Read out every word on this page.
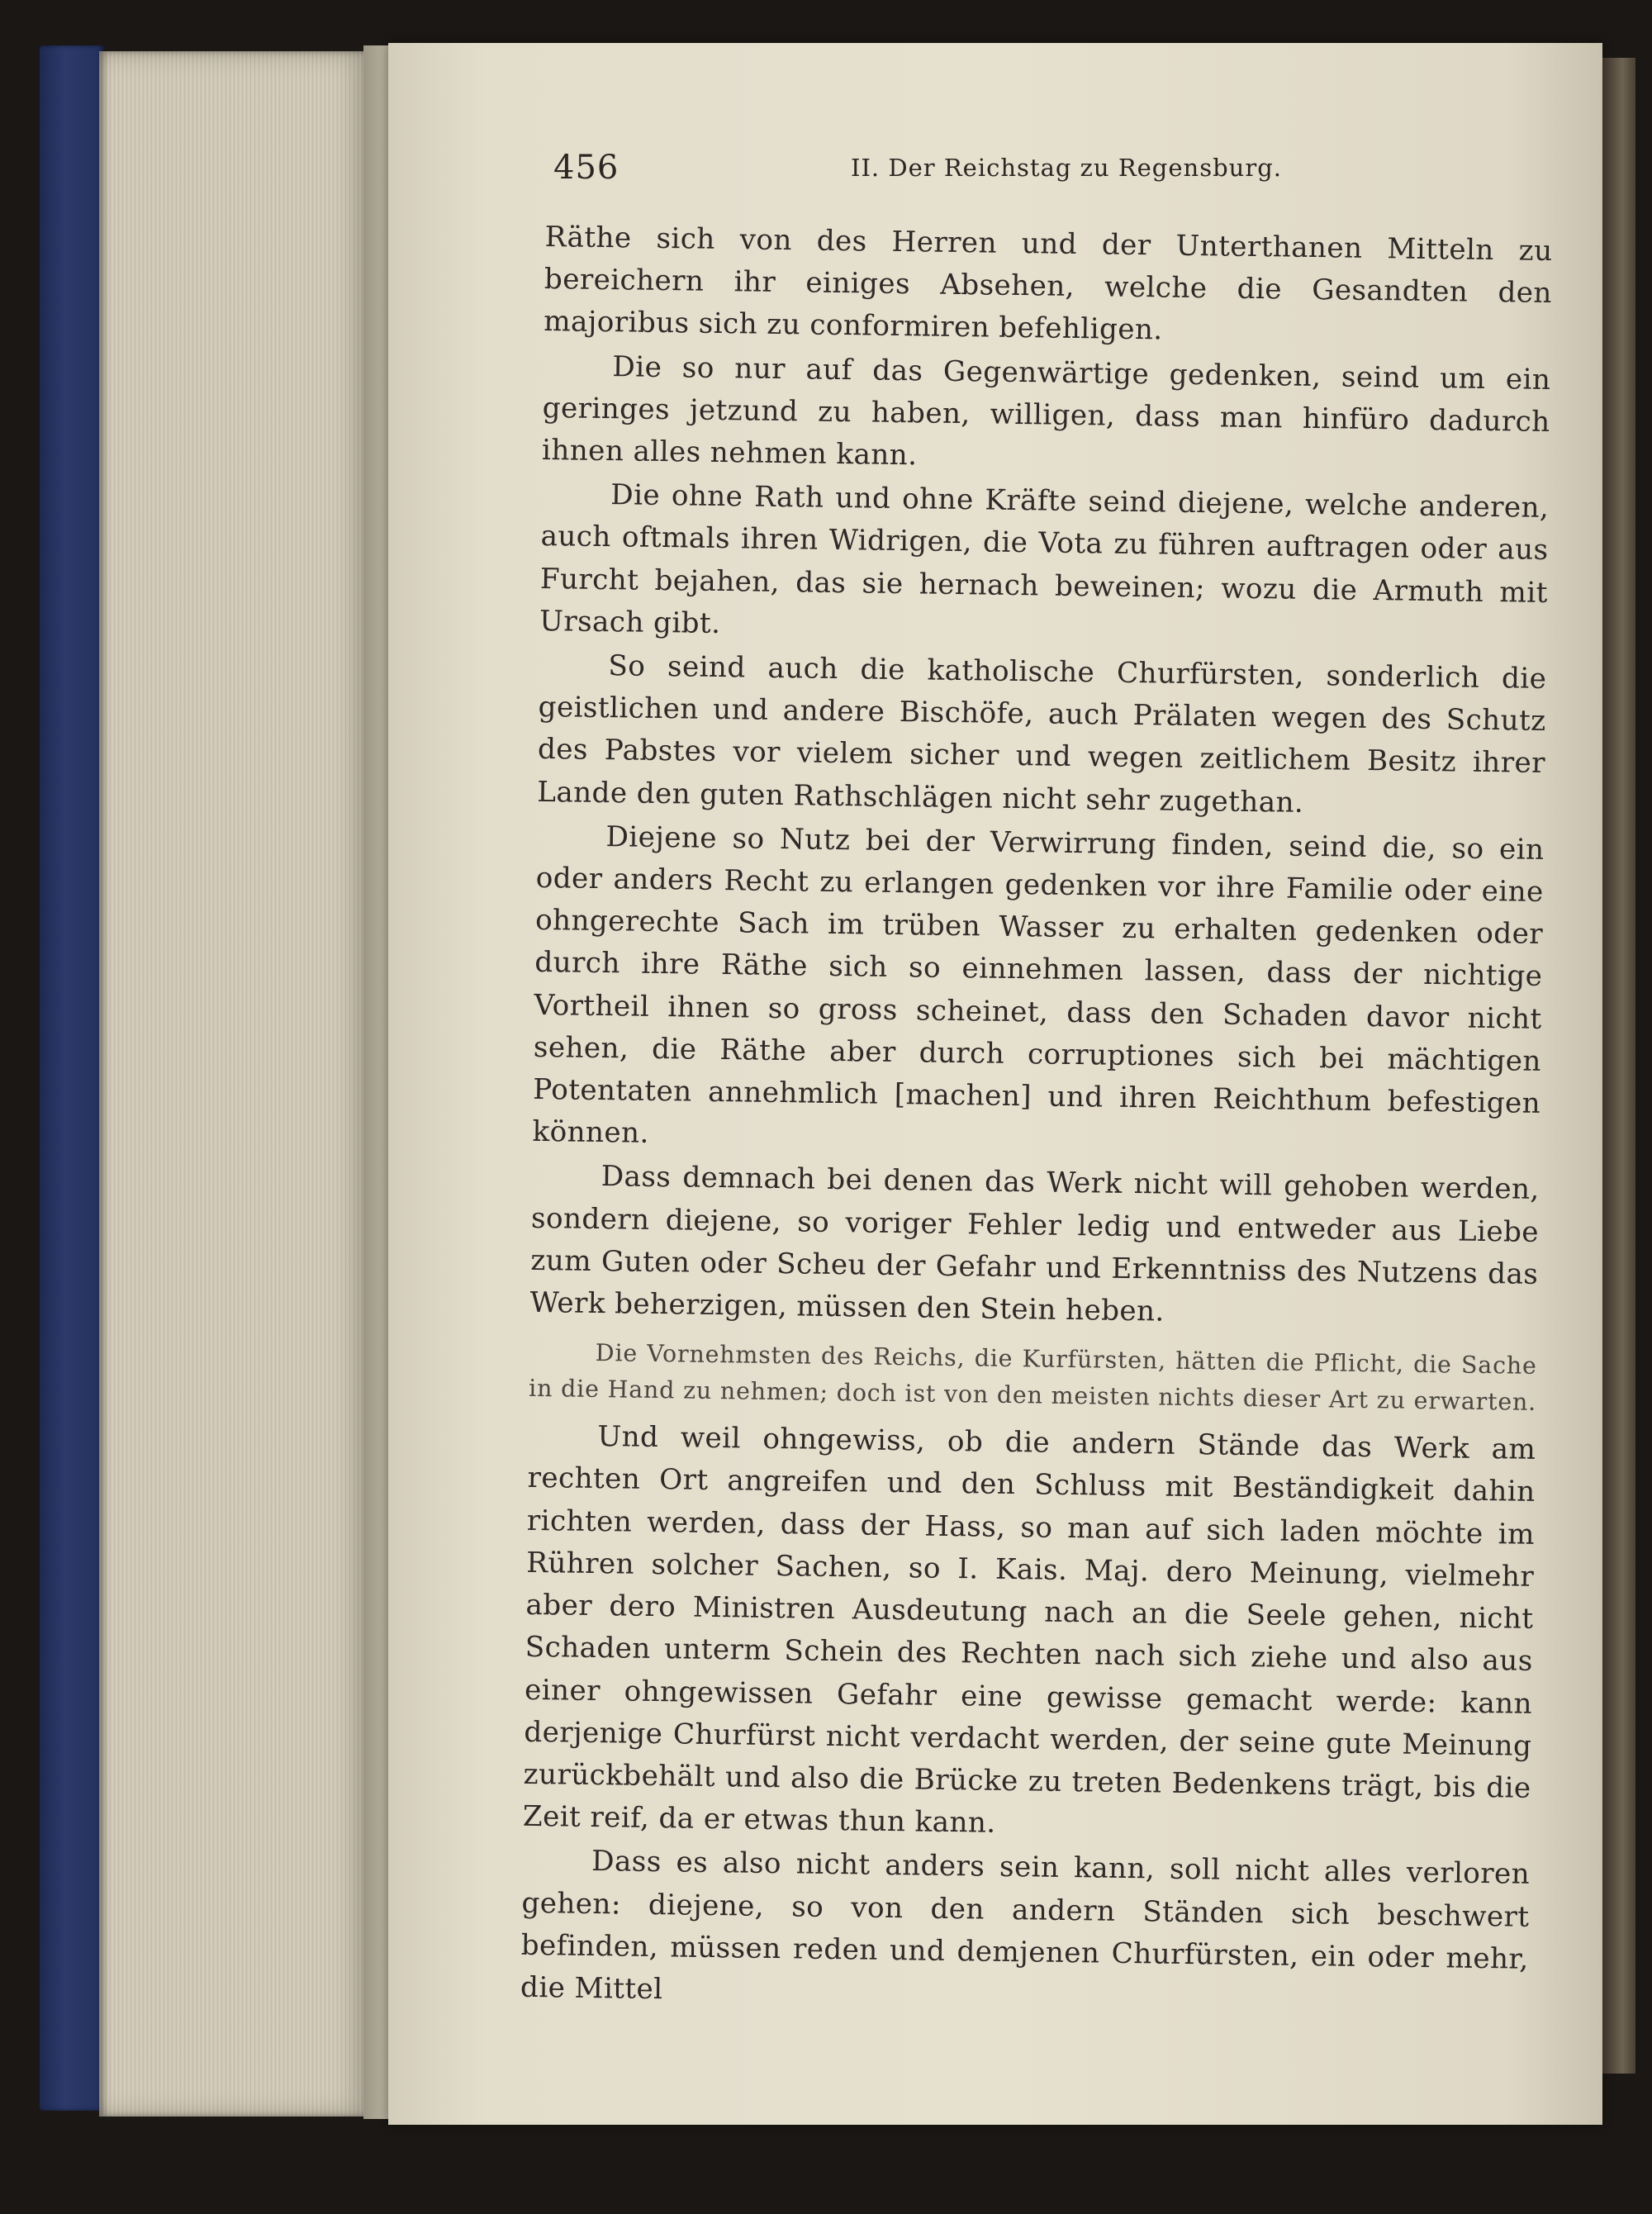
456	II. Der Reichstag zu Regensburg.

Räthe sich von des Herren und der Unterthanen Mitteln zu bereichern ihr einiges Absehen, welche die Gesandten den majoribus sich zu conformiren befehligen.

Die so nur auf das Gegenwärtige gedenken, seind um ein geringes jetzund zu haben, willigen, dass man hinfüro dadurch ihnen alles nehmen kann.

Die ohne Rath und ohne Kräfte seind diejene, welche anderen, auch oftmals ihren Widrigen, die Vota zu führen auftragen oder aus Furcht bejahen, das sie hernach beweinen; wozu die Armuth mit Ursach gibt.

So seind auch die katholische Churfürsten, sonderlich die geistlichen und andere Bischöfe, auch Prälaten wegen des Schutz des Pabstes vor vielem sicher und wegen zeitlichem Besitz ihrer Lande den guten Rathschlägen nicht sehr zugethan.

Diejene so Nutz bei der Verwirrung finden, seind die, so ein oder anders Recht zu erlangen gedenken vor ihre Familie oder eine ohngerechte Sach im trüben Wasser zu erhalten gedenken oder durch ihre Räthe sich so einnehmen lassen, dass der nichtige Vortheil ihnen so gross scheinet, dass den Schaden davor nicht sehen, die Räthe aber durch corruptiones sich bei mächtigen Potentaten annehmlich [machen] und ihren Reichthum befestigen können.

Dass demnach bei denen das Werk nicht will gehoben werden, sondern diejene, so voriger Fehler ledig und entweder aus Liebe zum Guten oder Scheu der Gefahr und Erkenntniss des Nutzens das Werk beherzigen, müssen den Stein heben.

Die Vornehmsten des Reichs, die Kurfürsten, hätten die Pflicht, die Sache in die Hand zu nehmen; doch ist von den meisten nichts dieser Art zu erwarten.

Und weil ohngewiss, ob die andern Stände das Werk am rechten Ort angreifen und den Schluss mit Beständigkeit dahin richten werden, dass der Hass, so man auf sich laden möchte im Rühren solcher Sachen, so I. Kais. Maj. dero Meinung, vielmehr aber dero Ministren Ausdeutung nach an die Seele gehen, nicht Schaden unterm Schein des Rechten nach sich ziehe und also aus einer ohngewissen Gefahr eine gewisse gemacht werde: kann derjenige Churfürst nicht verdacht werden, der seine gute Meinung zurückbehält und also die Brücke zu treten Bedenkens trägt, bis die Zeit reif, da er etwas thun kann.

Dass es also nicht anders sein kann, soll nicht alles verloren gehen: diejene, so von den andern Ständen sich beschwert befinden, müssen reden und demjenen Churfürsten, ein oder mehr, die Mittel
